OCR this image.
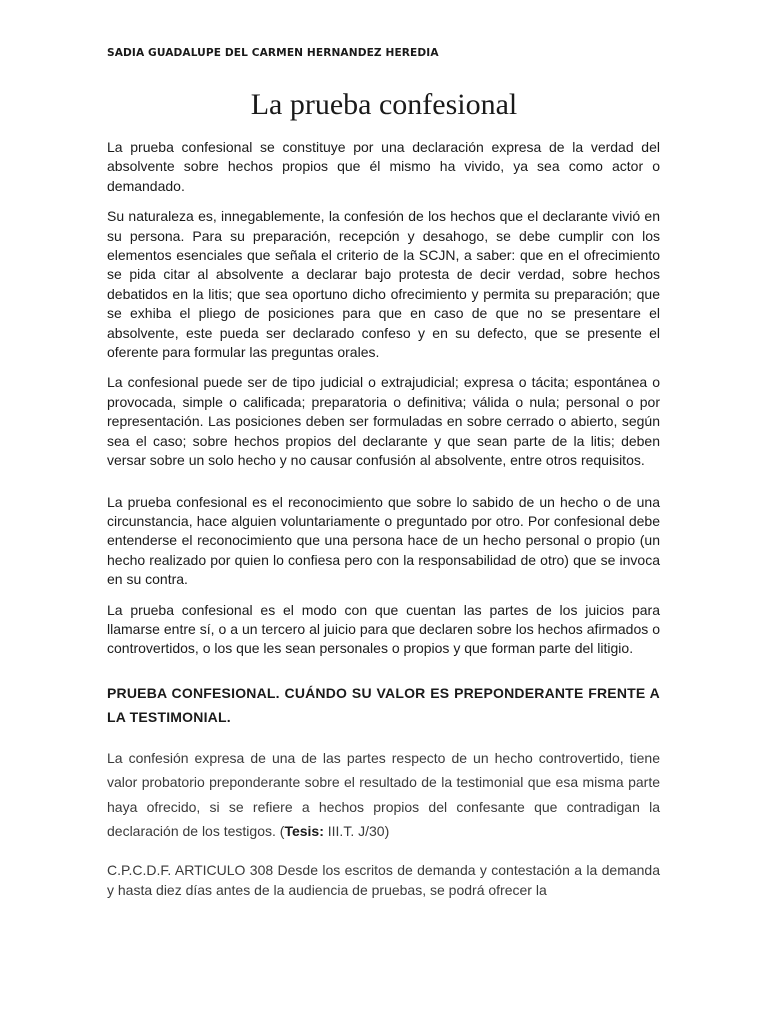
SADIA GUADALUPE DEL CARMEN HERNANDEZ HEREDIA
La prueba confesional

La prueba confesional se constituye por una declaración expresa de la verdad del absolvente sobre hechos propios que él mismo ha vivido, ya sea como actor o demandado.

Su naturaleza es, innegablemente, la confesión de los hechos que el declarante vivió en su persona. Para su preparación, recepción y desahogo, se debe cumplir con los elementos esenciales que señala el criterio de la SCJN, a saber: que en el ofrecimiento se pida citar al absolvente a declarar bajo protesta de decir verdad, sobre hechos debatidos en la litis; que sea oportuno dicho ofrecimiento y permita su preparación; que se exhiba el pliego de posiciones para que en caso de que no se presentare el absolvente, este pueda ser declarado confeso y en su defecto, que se presente el oferente para formular las preguntas orales.

La confesional puede ser de tipo judicial o extrajudicial; expresa o tácita; espontánea o provocada, simple o calificada; preparatoria o definitiva; válida o nula; personal o por representación. Las posiciones deben ser formuladas en sobre cerrado o abierto, según sea el caso; sobre hechos propios del declarante y que sean parte de la litis; deben versar sobre un solo hecho y no causar confusión al absolvente, entre otros requisitos.

La prueba confesional es el reconocimiento que sobre lo sabido de un hecho o de una circunstancia, hace alguien voluntariamente o preguntado por otro. Por confesional debe entenderse el reconocimiento que una persona hace de un hecho personal o propio (un hecho realizado por quien lo confiesa pero con la responsabilidad de otro) que se invoca en su contra.

La prueba confesional es el modo con que cuentan las partes de los juicios para llamarse entre sí, o a un tercero al juicio para que declaren sobre los hechos afirmados o controvertidos, o los que les sean personales o propios y que forman parte del litigio.

PRUEBA CONFESIONAL. CUÁNDO SU VALOR ES PREPONDERANTE FRENTE A LA TESTIMONIAL.

La confesión expresa de una de las partes respecto de un hecho controvertido, tiene valor probatorio preponderante sobre el resultado de la testimonial que esa misma parte haya ofrecido, si se refiere a hechos propios del confesante que contradigan la declaración de los testigos. (Tesis: III.T. J/30)

C.P.C.D.F. ARTICULO 308 Desde los escritos de demanda y contestación a la demanda y hasta diez días antes de la audiencia de pruebas, se podrá ofrecer la
